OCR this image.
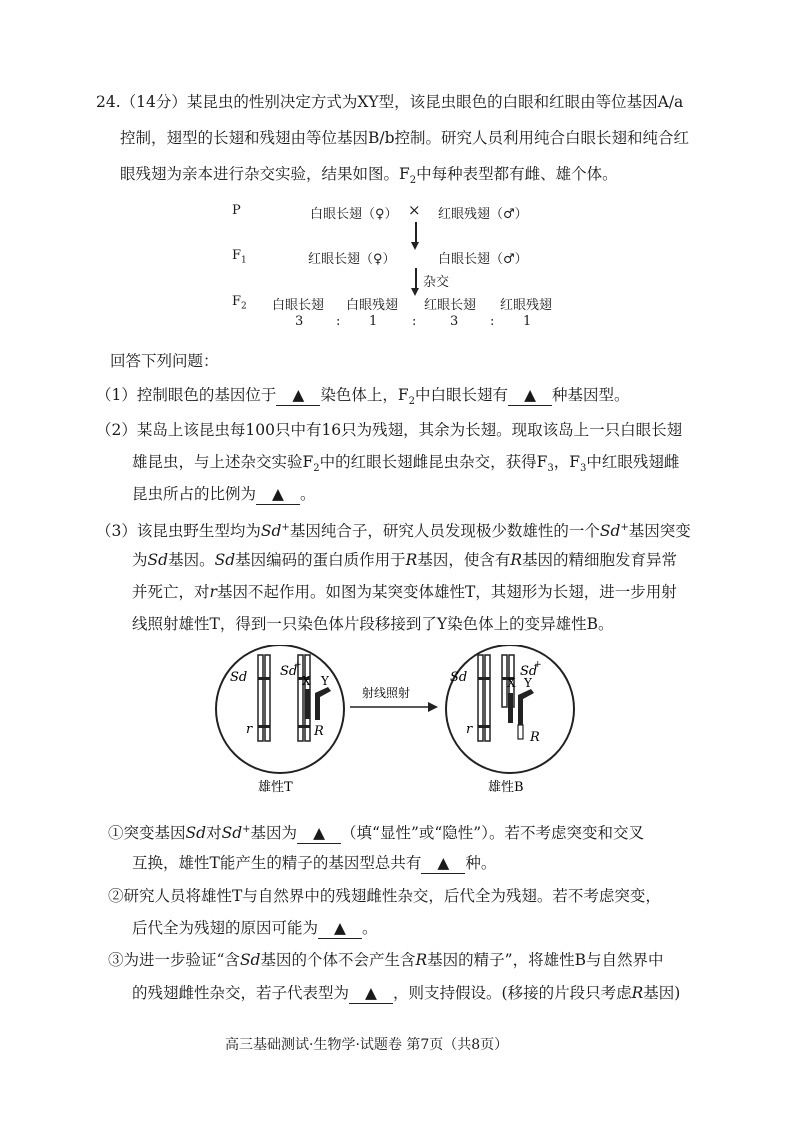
24.（14分）某昆虫的性别决定方式为XY型，该昆虫眼色的白眼和红眼由等位基因A/a
控制，翅型的长翅和残翅由等位基因B/b控制。研究人员利用纯合白眼长翅和纯合红
眼残翅为亲本进行杂交实验，结果如图。$F_2$中每种表型都有雌、雄个体。
P	白眼长翅（♀） × 红眼残翅（♂）
$F_1$	红眼长翅（♀）	白眼长翅（♂）
杂交
$F_2$ 白眼长翅 白眼残翅 红眼长翅 红眼残翅
3	: 1	:	3 : 1
回答下列问题：
（1）控制眼色的基因位于 ▲ 染色体上，$F_2$中白眼长翅有 ▲ 种基因型。
（2）某岛上该昆虫每100只中有16只为残翅，其余为长翅。现取该岛上一只白眼长翅
雄昆虫，与上述杂交实验$F_2$中的红眼长翅雌昆虫杂交，获得$F_3$，$F_3$中红眼残翅雌
昆虫所占的比例为 ▲ 。
（3）该昆虫野生型均为Sd+基因纯合子，研究人员发现极少数雄性的一个Sd+基因突变
为Sd基因。Sd基因编码的蛋白质作用于R基因，使含有R基因的精细胞发育异常
并死亡，对r基因不起作用。如图为某突变体雄性T，其翅形为长翅，进一步用射
线照射雄性T，得到一只染色体片段移接到了Y染色体上的变异雄性B。
Sd	Sd
+
r	R
X Y
射线照射
Sd	Sd
+
r
R
X Y
雄性T	雄性B
①突变基因Sd对Sd+基因为 ▲ （填“显性”或“隐性”）。若不考虑突变和交叉
互换，雄性T能产生的精子的基因型总共有 ▲ 种。
②研究人员将雄性T与自然界中的残翅雌性杂交，后代全为残翅。若不考虑突变，
后代全为残翅的原因可能为 ▲ 。
③为进一步验证“含Sd基因的个体不会产生含R基因的精子”，将雄性B与自然界中
的残翅雌性杂交，若子代表型为 ▲ ，则支持假设。(移接的片段只考虑R基因)
高三基础测试·生物学·试题卷 第7页（共8页）
